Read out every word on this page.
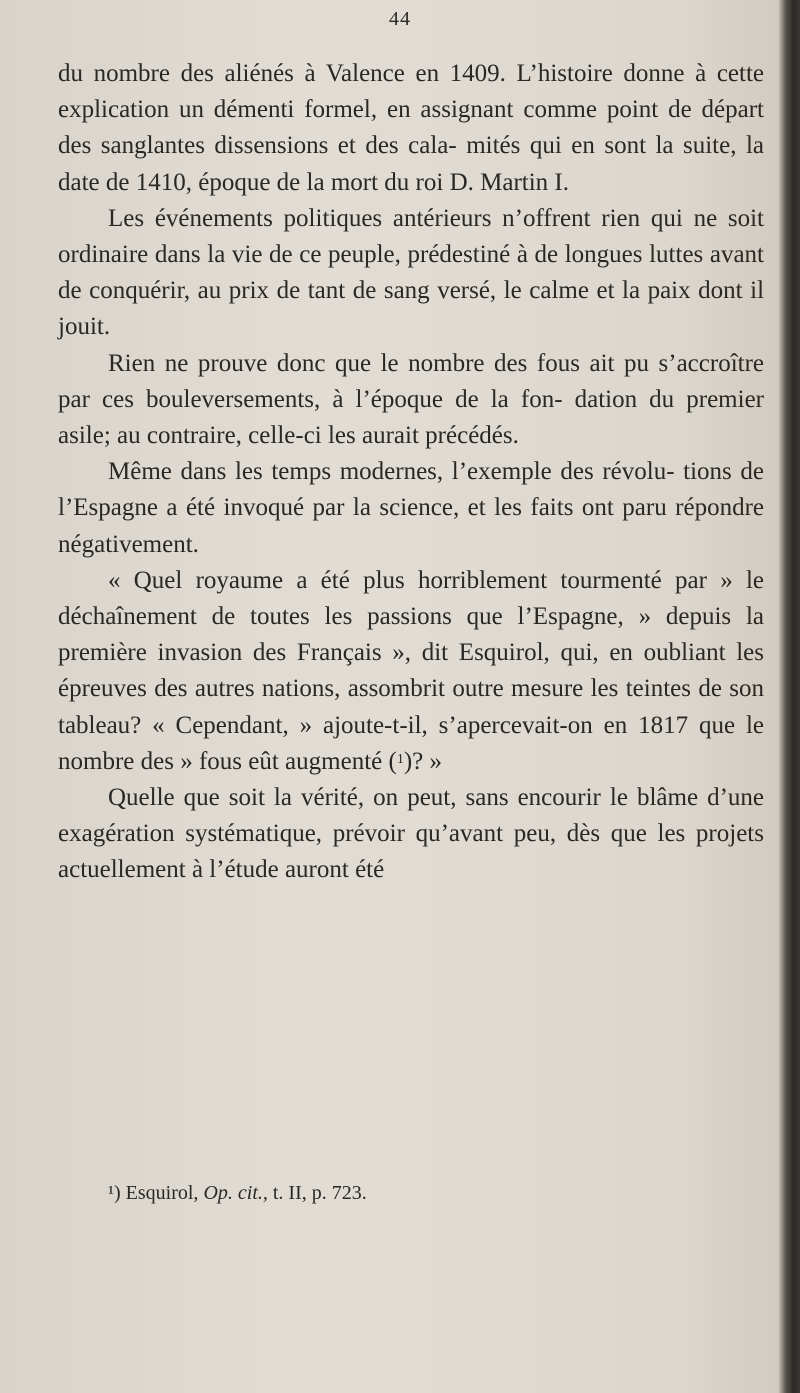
44
du nombre des aliénés à Valence en 1409. L’histoire donne à cette explication un démenti formel, en assignant comme point de départ des sanglantes dissensions et des cala- mités qui en sont la suite, la date de 1410, époque de la mort du roi D. Martin I.
Les événements politiques antérieurs n’offrent rien qui ne soit ordinaire dans la vie de ce peuple, prédestiné à de longues luttes avant de conquérir, au prix de tant de sang versé, le calme et la paix dont il jouit.
Rien ne prouve donc que le nombre des fous ait pu s’accroître par ces bouleversements, à l’époque de la fon- dation du premier asile; au contraire, celle-ci les aurait précédés.
Même dans les temps modernes, l’exemple des révolu- tions de l’Espagne a été invoqué par la science, et les faits ont paru répondre négativement.
« Quel royaume a été plus horriblement tourmenté par » le déchaînement de toutes les passions que l’Espagne, » depuis la première invasion des Français », dit Esquirol, qui, en oubliant les épreuves des autres nations, assombrit outre mesure les teintes de son tableau? « Cependant, » ajoute-t-il, s’apercevait-on en 1817 que le nombre des » fous eût augmenté ($^1$)? »
Quelle que soit la vérité, on peut, sans encourir le blâme d’une exagération systématique, prévoir qu’avant peu, dès que les projets actuellement à l’étude auront été
¹) Esquirol, Op. cit., t. II, p. 723.
